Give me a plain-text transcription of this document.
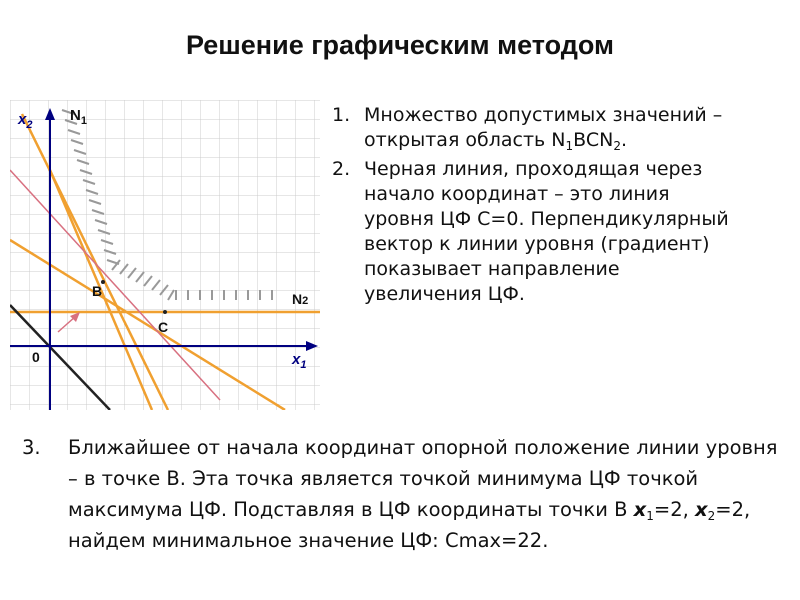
Решение графическим методом
$x_2$
$N_1$
B
C
N2
0	$x_1$
1. Множество допустимых значений – открытая область $N_1BCN_2$.
2. Черная линия, проходящая через начало координат – это линия уровня ЦФ C=0. Перпендикулярный вектор к линии уровня (градиент) показывает направление увеличения ЦФ.
3. Ближайшее от начала координат опорной положение линии уровня – в точке B. Эта точка является точкой минимума ЦФ точкой максимума ЦФ. Подставляя в ЦФ координаты точки B $x_1=2$, $x_2=2$, найдем минимальное значение ЦФ: Cmax=22.
